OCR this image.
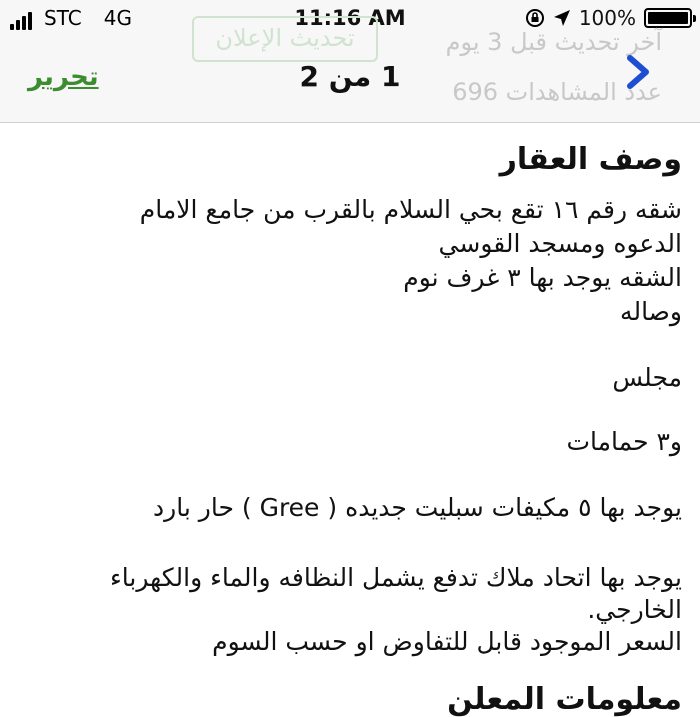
STC 4G	11:16 AM	100%
آخر تحديث قبل 3 يوم
عدد المشاهدات 696
تحديث الإعلان
تحرير	1 من 2
وصف العقار
شقه رقم ١٦ تقع بحي السلام بالقرب من جامع الامام
الدعوه ومسجد القوسي
الشقه يوجد بها ٣ غرف نوم
وصاله
مجلس
و٣ حمامات
يوجد بها ٥ مكيفات سبليت جديده ( Gree ) حار بارد
يوجد بها اتحاد ملاك تدفع يشمل النظافه والماء والكهرباء
الخارجي.
السعر الموجود قابل للتفاوض او حسب السوم
معلومات المعلن
